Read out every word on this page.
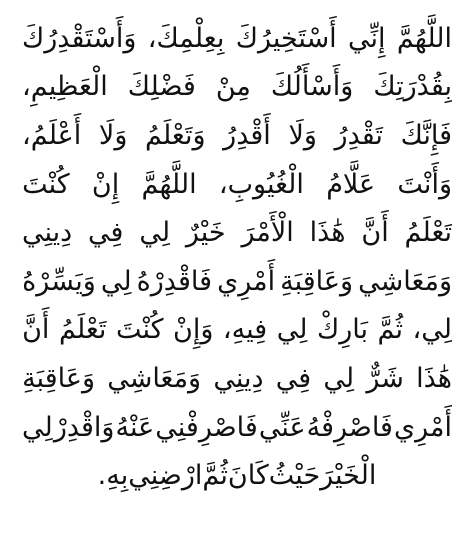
اللَّهُمَّ
إِنِّي
أَسْتَخِيرُكَ
بِعِلْمِكَ،
وَأَسْتَقْدِرُكَ
بِقُدْرَتِكَ
وَأَسْأَلُكَ
مِنْ
فَضْلِكَ
الْعَظِيمِ،
فَإِنَّكَ
تَقْدِرُ
وَلَا
أَقْدِرُ
وَتَعْلَمُ
وَلَا
أَعْلَمُ،
وَأَنْتَ
عَلَّامُ
الْغُيُوبِ،
اللَّهُمَّ
إِنْ
كُنْتَ
تَعْلَمُ
أَنَّ
هَٰذَا
الْأَمْرَ
خَيْرٌ
لِي
فِي
دِينِي
وَمَعَاشِي
وَعَاقِبَةِ
أَمْرِي
فَاقْدِرْهُ
لِي
وَيَسِّرْهُ
لِي،
ثُمَّ
بَارِكْ
لِي
فِيهِ،
وَإِنْ
كُنْتَ
تَعْلَمُ
أَنَّ
هَٰذَا
شَرٌّ
لِي
فِي
دِينِي
وَمَعَاشِي
وَعَاقِبَةِ
أَمْرِي
فَاصْرِفْهُ
عَنِّي
فَاصْرِفْنِي
عَنْهُ
وَاقْدِرْ
لِي
الْخَيْرَ
حَيْثُ
كَانَ
ثُمَّ
ارْضِنِي
بِهِ.
